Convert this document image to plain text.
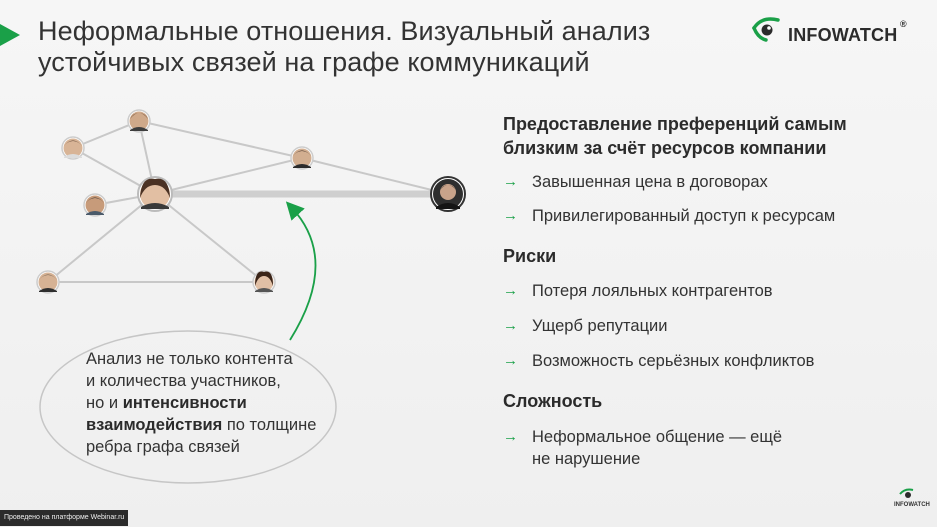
Неформальные отношения. Визуальный анализ
устойчивых связей на графе коммуникаций
INFOWATCH
®
Анализ не только контента
и количества участников,
но и интенсивности
взаимодействия по толщине
ребра графа связей
Предоставление преференций самым
близким за счёт ресурсов компании
→ Завышенная цена в договорах
→ Привилегированный доступ к ресурсам
Риски
→ Потеря лояльных контрагентов
→ Ущерб репутации
→ Возможность серьёзных конфликтов
Сложность
→ Неформальное общение — ещё
не нарушение
Проведено на платформе Webinar.ru
INFOWATCH
